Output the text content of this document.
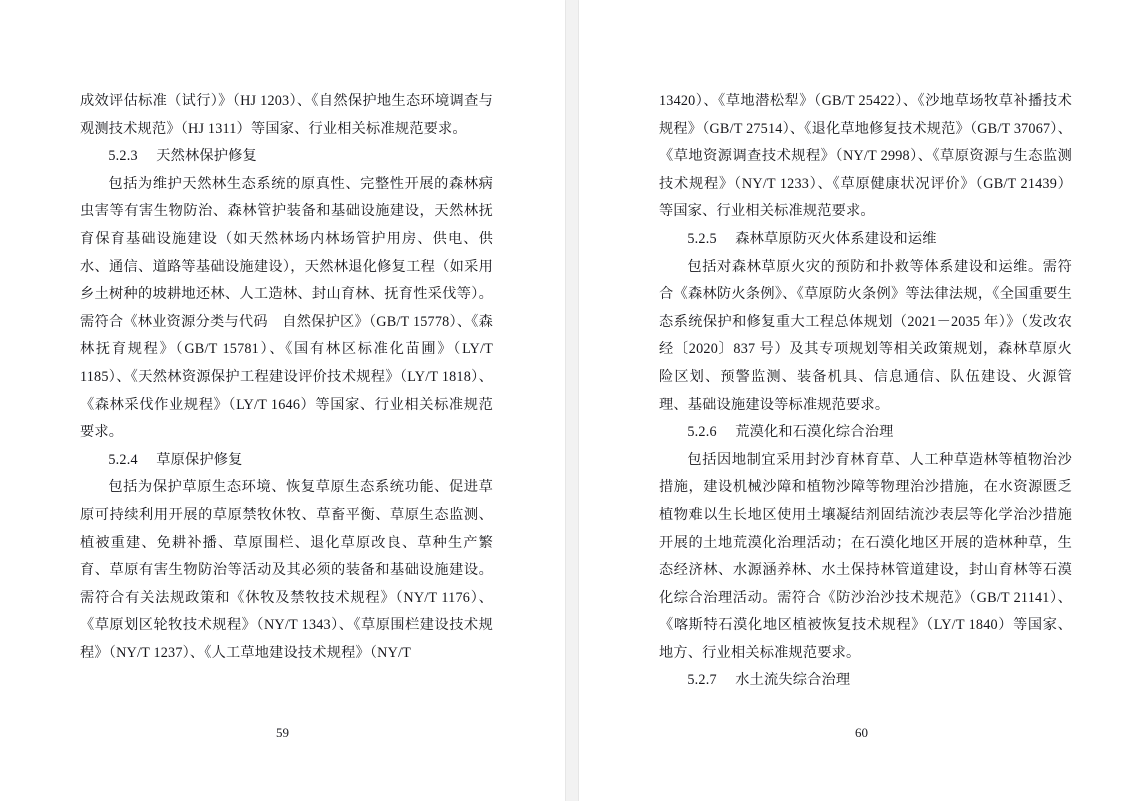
成效评估标准（试行）》（HJ 1203）、《自然保护地生态环境调查与观测技术规范》（HJ 1311）等国家、行业相关标准规范要求。

5.2.3 天然林保护修复

包括为维护天然林生态系统的原真性、完整性开展的森林病虫害等有害生物防治、森林管护装备和基础设施建设，天然林抚育保育基础设施建设（如天然林场内林场管护用房、供电、供水、通信、道路等基础设施建设），天然林退化修复工程（如采用乡土树种的坡耕地还林、人工造林、封山育林、抚育性采伐等）。需符合《林业资源分类与代码　自然保护区》（GB/T 15778）、《森林抚育规程》（GB/T 15781）、《国有林区标准化苗圃》（LY/T 1185）、《天然林资源保护工程建设评价技术规程》（LY/T 1818）、《森林采伐作业规程》（LY/T 1646）等国家、行业相关标准规范要求。

5.2.4 草原保护修复

包括为保护草原生态环境、恢复草原生态系统功能、促进草原可持续利用开展的草原禁牧休牧、草畜平衡、草原生态监测、植被重建、免耕补播、草原围栏、退化草原改良、草种生产繁育、草原有害生物防治等活动及其必须的装备和基础设施建设。需符合有关法规政策和《休牧及禁牧技术规程》（NY/T 1176）、《草原划区轮牧技术规程》（NY/T 1343）、《草原围栏建设技术规程》（NY/T 1237）、《人工草地建设技术规程》（NY/T

59

13420）、《草地潜松犁》（GB/T 25422）、《沙地草场牧草补播技术规程》（GB/T 27514）、《退化草地修复技术规范》（GB/T 37067）、《草地资源调查技术规程》（NY/T 2998）、《草原资源与生态监测技术规程》（NY/T 1233）、《草原健康状况评价》（GB/T 21439）等国家、行业相关标准规范要求。

5.2.5 森林草原防灭火体系建设和运维

包括对森林草原火灾的预防和扑救等体系建设和运维。需符合《森林防火条例》、《草原防火条例》等法律法规，《全国重要生态系统保护和修复重大工程总体规划（2021－2035 年）》（发改农经〔2020〕837 号）及其专项规划等相关政策规划，森林草原火险区划、预警监测、装备机具、信息通信、队伍建设、火源管理、基础设施建设等标准规范要求。

5.2.6 荒漠化和石漠化综合治理

包括因地制宜采用封沙育林育草、人工种草造林等植物治沙措施，建设机械沙障和植物沙障等物理治沙措施，在水资源匮乏植物难以生长地区使用土壤凝结剂固结流沙表层等化学治沙措施开展的土地荒漠化治理活动；在石漠化地区开展的造林种草，生态经济林、水源涵养林、水土保持林管道建设，封山育林等石漠化综合治理活动。需符合《防沙治沙技术规范》（GB/T 21141）、《喀斯特石漠化地区植被恢复技术规程》（LY/T 1840）等国家、地方、行业相关标准规范要求。

5.2.7 水土流失综合治理

60
